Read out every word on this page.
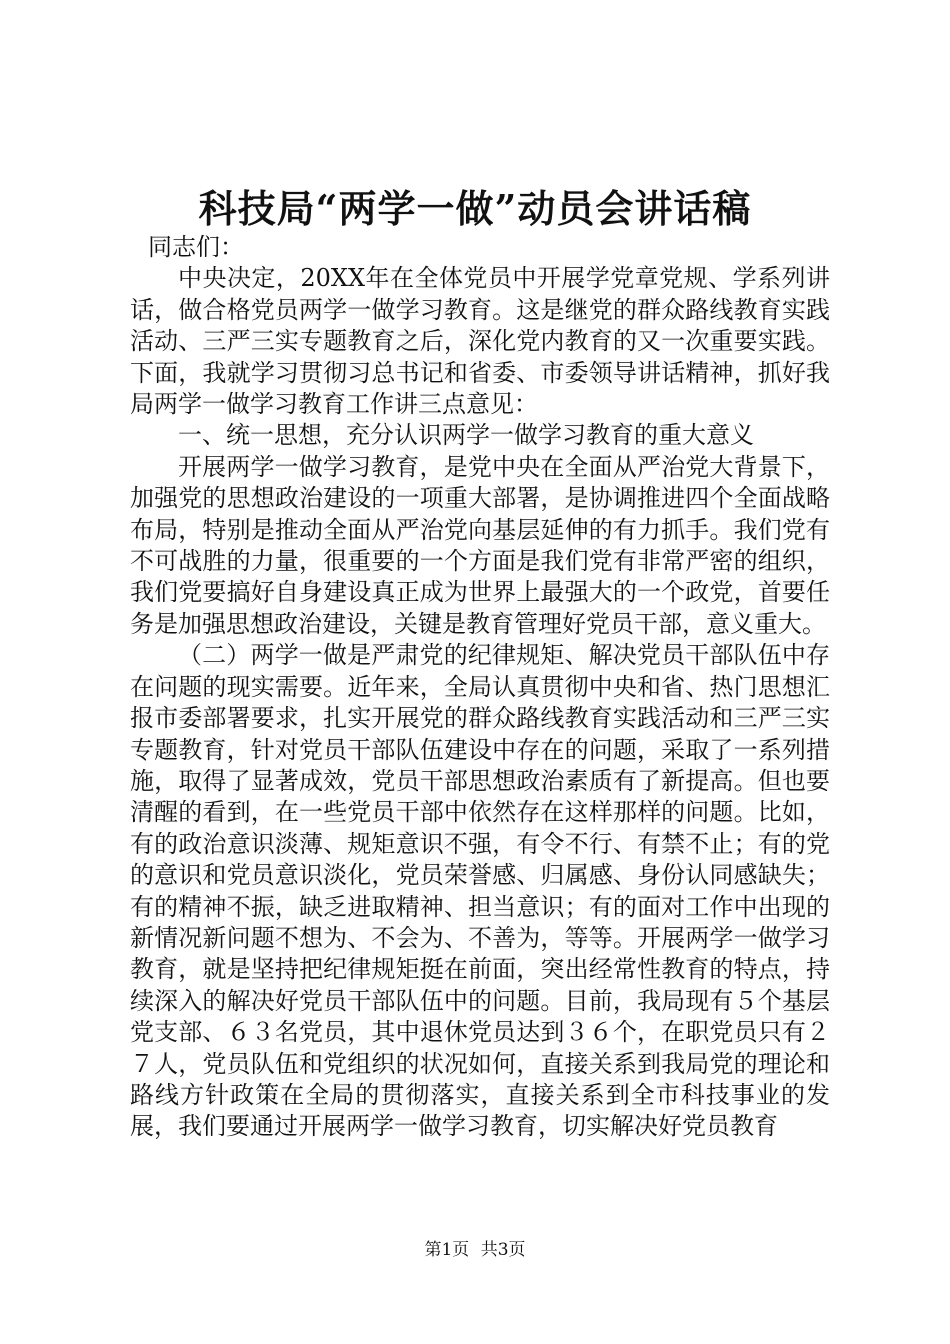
科技局“两学一做”动员会讲话稿

同志们：

中央决定，20XX年在全体党员中开展学党章党规、学系列讲话，做合格党员两学一做学习教育。这是继党的群众路线教育实践活动、三严三实专题教育之后，深化党内教育的又一次重要实践。下面，我就学习贯彻习总书记和省委、市委领导讲话精神，抓好我局两学一做学习教育工作讲三点意见：

一、统一思想，充分认识两学一做学习教育的重大意义

开展两学一做学习教育，是党中央在全面从严治党大背景下，加强党的思想政治建设的一项重大部署，是协调推进四个全面战略布局，特别是推动全面从严治党向基层延伸的有力抓手。我们党有不可战胜的力量，很重要的一个方面是我们党有非常严密的组织，我们党要搞好自身建设真正成为世界上最强大的一个政党，首要任务是加强思想政治建设，关键是教育管理好党员干部，意义重大。

（二）两学一做是严肃党的纪律规矩、解决党员干部队伍中存在问题的现实需要。近年来，全局认真贯彻中央和省、热门思想汇报市委部署要求，扎实开展党的群众路线教育实践活动和三严三实专题教育，针对党员干部队伍建设中存在的问题，采取了一系列措施，取得了显著成效，党员干部思想政治素质有了新提高。但也要清醒的看到，在一些党员干部中依然存在这样那样的问题。比如，有的政治意识淡薄、规矩意识不强，有令不行、有禁不止；有的党的意识和党员意识淡化，党员荣誉感、归属感、身份认同感缺失；有的精神不振，缺乏进取精神、担当意识；有的面对工作中出现的新情况新问题不想为、不会为、不善为，等等。开展两学一做学习教育，就是坚持把纪律规矩挺在前面，突出经常性教育的特点，持续深入的解决好党员干部队伍中的问题。目前，我局现有５个基层党支部、６３名党员，其中退休党员达到３６个，在职党员只有２７人，党员队伍和党组织的状况如何，直接关系到我局党的理论和路线方针政策在全局的贯彻落实，直接关系到全市科技事业的发展，我们要通过开展两学一做学习教育，切实解决好党员教育

第1页 共3页
